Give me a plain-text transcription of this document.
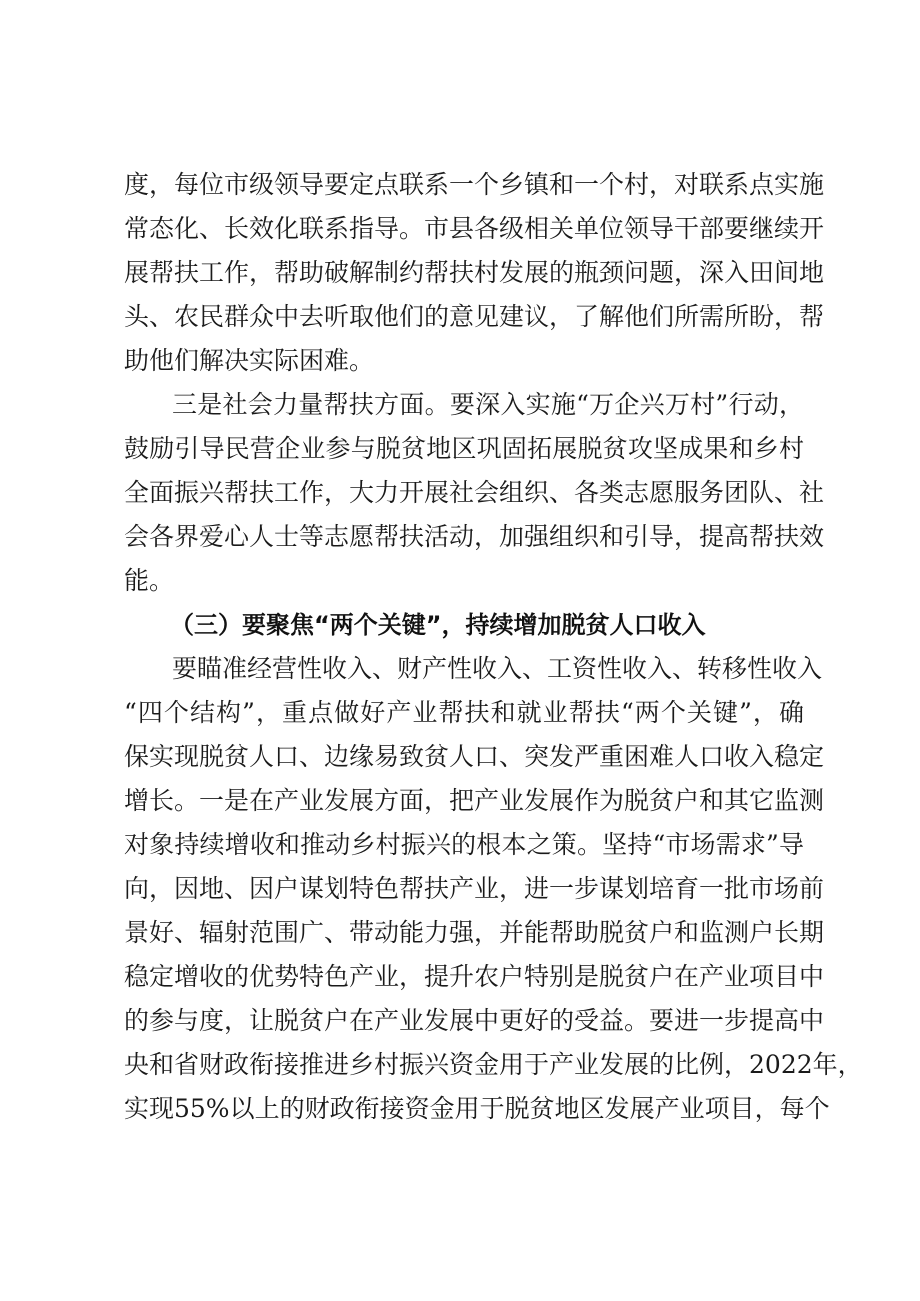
度，每位市级领导要定点联系一个乡镇和一个村，对联系点实施
常态化、长效化联系指导。市县各级相关单位领导干部要继续开
展帮扶工作，帮助破解制约帮扶村发展的瓶颈问题，深入田间地
头、农民群众中去听取他们的意见建议，了解他们所需所盼，帮
助他们解决实际困难。
三是社会力量帮扶方面。要深入实施“万企兴万村”行动，
鼓励引导民营企业参与脱贫地区巩固拓展脱贫攻坚成果和乡村
全面振兴帮扶工作，大力开展社会组织、各类志愿服务团队、社
会各界爱心人士等志愿帮扶活动，加强组织和引导，提高帮扶效
能。
（三）要聚焦“两个关键”，持续增加脱贫人口收入
要瞄准经营性收入、财产性收入、工资性收入、转移性收入
“四个结构”，重点做好产业帮扶和就业帮扶“两个关键”，确
保实现脱贫人口、边缘易致贫人口、突发严重困难人口收入稳定
增长。一是在产业发展方面，把产业发展作为脱贫户和其它监测
对象持续增收和推动乡村振兴的根本之策。坚持“市场需求”导
向，因地、因户谋划特色帮扶产业，进一步谋划培育一批市场前
景好、辐射范围广、带动能力强，并能帮助脱贫户和监测户长期
稳定增收的优势特色产业，提升农户特别是脱贫户在产业项目中
的参与度，让脱贫户在产业发展中更好的受益。要进一步提高中
央和省财政衔接推进乡村振兴资金用于产业发展的比例，2022年，
实现55%以上的财政衔接资金用于脱贫地区发展产业项目，每个
